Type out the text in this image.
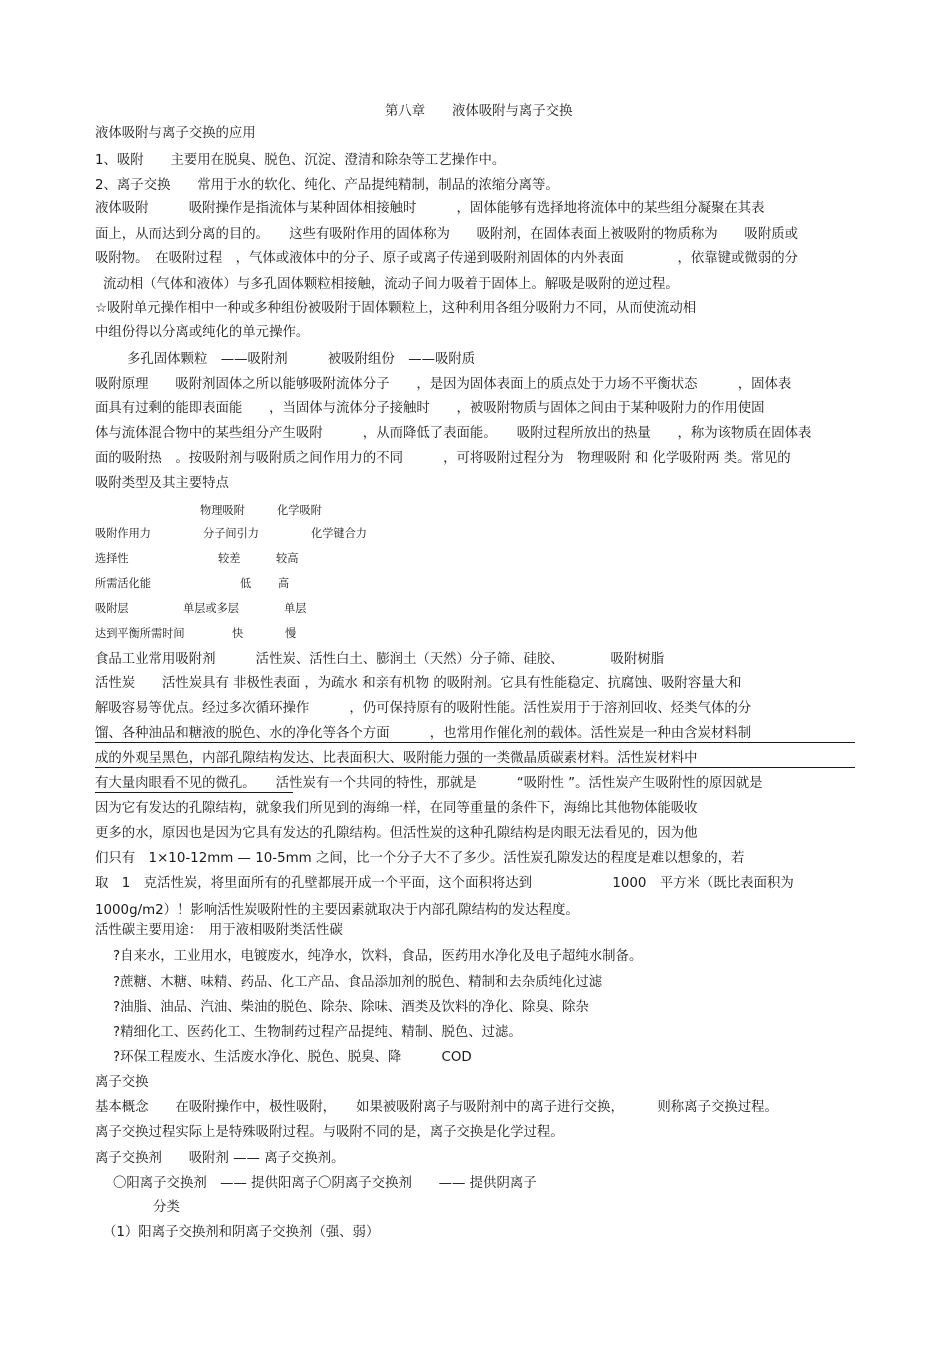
第八章　　液体吸附与离子交换
液体吸附与离子交换的应用
1、吸附　　主要用在脱臭、脱色、沉淀、澄清和除杂等工艺操作中。
2、离子交换　　常用于水的软化、纯化、产品提纯精制，制品的浓缩分离等。
液体吸附　　　吸附操作是指流体与某种固体相接触时　　　，固体能够有选择地将流体中的某些组分凝聚在其表
面上，从而达到分离的目的。　　这些有吸附作用的固体称为　　吸附剂，在固体表面上被吸附的物质称为　　吸附质或
吸附物。　在吸附过程　，气体或液体中的分子、原子或离子传递到吸附剂固体的内外表面　　　　，依靠键或微弱的分
流动相（气体和液体）与多孔固体颗粒相接触，流动子间力吸着于固体上。解吸是吸附的逆过程。
☆吸附单元操作相中一种或多种组份被吸附于固体颗粒上，这种利用各组分吸附力不同，从而使流动相
中组份得以分离或纯化的单元操作。
多孔固体颗粒　——吸附剂　　　被吸附组份　——吸附质
吸附原理　　吸附剂固体之所以能够吸附流体分子　　，是因为固体表面上的质点处于力场不平衡状态　　　，固体表
面具有过剩的能即表面能　　，当固体与流体分子接触时　　，被吸附物质与固体之间由于某种吸附力的作用使固
体与流体混合物中的某些组分产生吸附　　　，从而降低了表面能。　　吸附过程所放出的热量　　，称为该物质在固体表
面的吸附热　。按吸附剂与吸附质之间作用力的不同　　　，可将吸附过程分为　物理吸附 和 化学吸附两 类。常见的
吸附类型及其主要特点
物理吸附	化学吸附
吸附作用力	分子间引力	化学键合力
选择性	较差	较高
所需活化能	低 高
吸附层	单层或多层	单层
达到平衡所需时间	快	慢
食品工业常用吸附剂　　　活性炭、活性白土、膨润土（天然）分子筛、硅胶、　　　　吸附树脂
活性炭　　活性炭具有 非极性表面 ，为疏水 和亲有机物 的吸附剂。它具有性能稳定、抗腐蚀、吸附容量大和
解吸容易等优点。经过多次循环操作　　　，仍可保持原有的吸附性能。活性炭用于于溶剂回收、烃类气体的分
馏、各种油品和糖液的脱色、水的净化等各个方面　　　，也常用作催化剂的载体。活性炭是一种由含炭材料制
成的外观呈黑色，内部孔隙结构发达、比表面积大、吸附能力强的一类微晶质碳素材料。活性炭材料中
有大量肉眼看不见的微孔。　　活性炭有一个共同的特性，那就是　　　“吸附性 ”。活性炭产生吸附性的原因就是
因为它有发达的孔隙结构，就象我们所见到的海绵一样，在同等重量的条件下，海绵比其他物体能吸收
更多的水，原因也是因为它具有发达的孔隙结构。但活性炭的这种孔隙结构是肉眼无法看见的，因为他
们只有　1×10-12mm — 10-5mm 之间，比一个分子大不了多少。活性炭孔隙发达的程度是难以想象的，若
取　1　克活性炭，将里面所有的孔壁都展开成一个平面，这个面积将达到　　　　　　1000　平方米（既比表面积为
1000g/m2）！影响活性炭吸附性的主要因素就取决于内部孔隙结构的发达程度。
活性碳主要用途：　用于液相吸附类活性碳
?自来水，工业用水，电镀废水，纯净水，饮料，食品，医药用水净化及电子超纯水制备。
?蔗糖、木糖、味精、药品、化工产品、食品添加剂的脱色、精制和去杂质纯化过滤
?油脂、油品、汽油、柴油的脱色、除杂、除味、酒类及饮料的净化、除臭、除杂
?精细化工、医药化工、生物制药过程产品提纯、精制、脱色、过滤。
?环保工程废水、生活废水净化、脱色、脱臭、降　　　COD
离子交换
基本概念　　在吸附操作中，极性吸附，　　如果被吸附离子与吸附剂中的离子进行交换，　　　则称离子交换过程。
离子交换过程实际上是特殊吸附过程。与吸附不同的是，离子交换是化学过程。
离子交换剂　　吸附剂 —— 离子交换剂。
〇阳离子交换剂　—— 提供阳离子〇阴离子交换剂　　—— 提供阴离子
分类
（1）阳离子交换剂和阴离子交换剂（强、弱）
